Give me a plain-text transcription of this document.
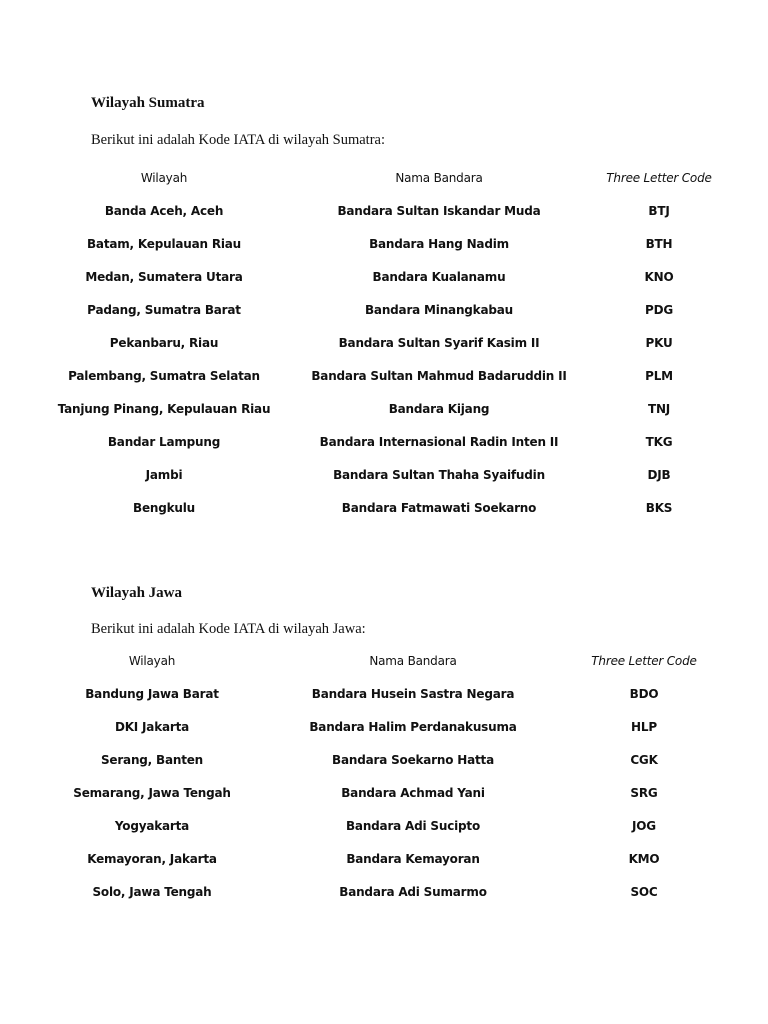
Wilayah Sumatra

Berikut ini adalah Kode IATA di wilayah Sumatra:

Wilayah	Nama Bandara	Three Letter Code
Banda Aceh, Aceh	Bandara Sultan Iskandar Muda	BTJ
Batam, Kepulauan Riau	Bandara Hang Nadim	BTH
Medan, Sumatera Utara	Bandara Kualanamu	KNO
Padang, Sumatra Barat	Bandara Minangkabau	PDG
Pekanbaru, Riau	Bandara Sultan Syarif Kasim II	PKU
Palembang, Sumatra Selatan	Bandara Sultan Mahmud Badaruddin II	PLM
Tanjung Pinang, Kepulauan Riau	Bandara Kijang	TNJ
Bandar Lampung	Bandara Internasional Radin Inten II	TKG
Jambi	Bandara Sultan Thaha Syaifudin	DJB
Bengkulu	Bandara Fatmawati Soekarno	BKS
Wilayah Jawa

Berikut ini adalah Kode IATA di wilayah Jawa:

Wilayah	Nama Bandara	Three Letter Code
Bandung Jawa Barat	Bandara Husein Sastra Negara	BDO
DKI Jakarta	Bandara Halim Perdanakusuma	HLP
Serang, Banten	Bandara Soekarno Hatta	CGK
Semarang, Jawa Tengah	Bandara Achmad Yani	SRG
Yogyakarta	Bandara Adi Sucipto	JOG
Kemayoran, Jakarta	Bandara Kemayoran	KMO
Solo, Jawa Tengah	Bandara Adi Sumarmo	SOC
